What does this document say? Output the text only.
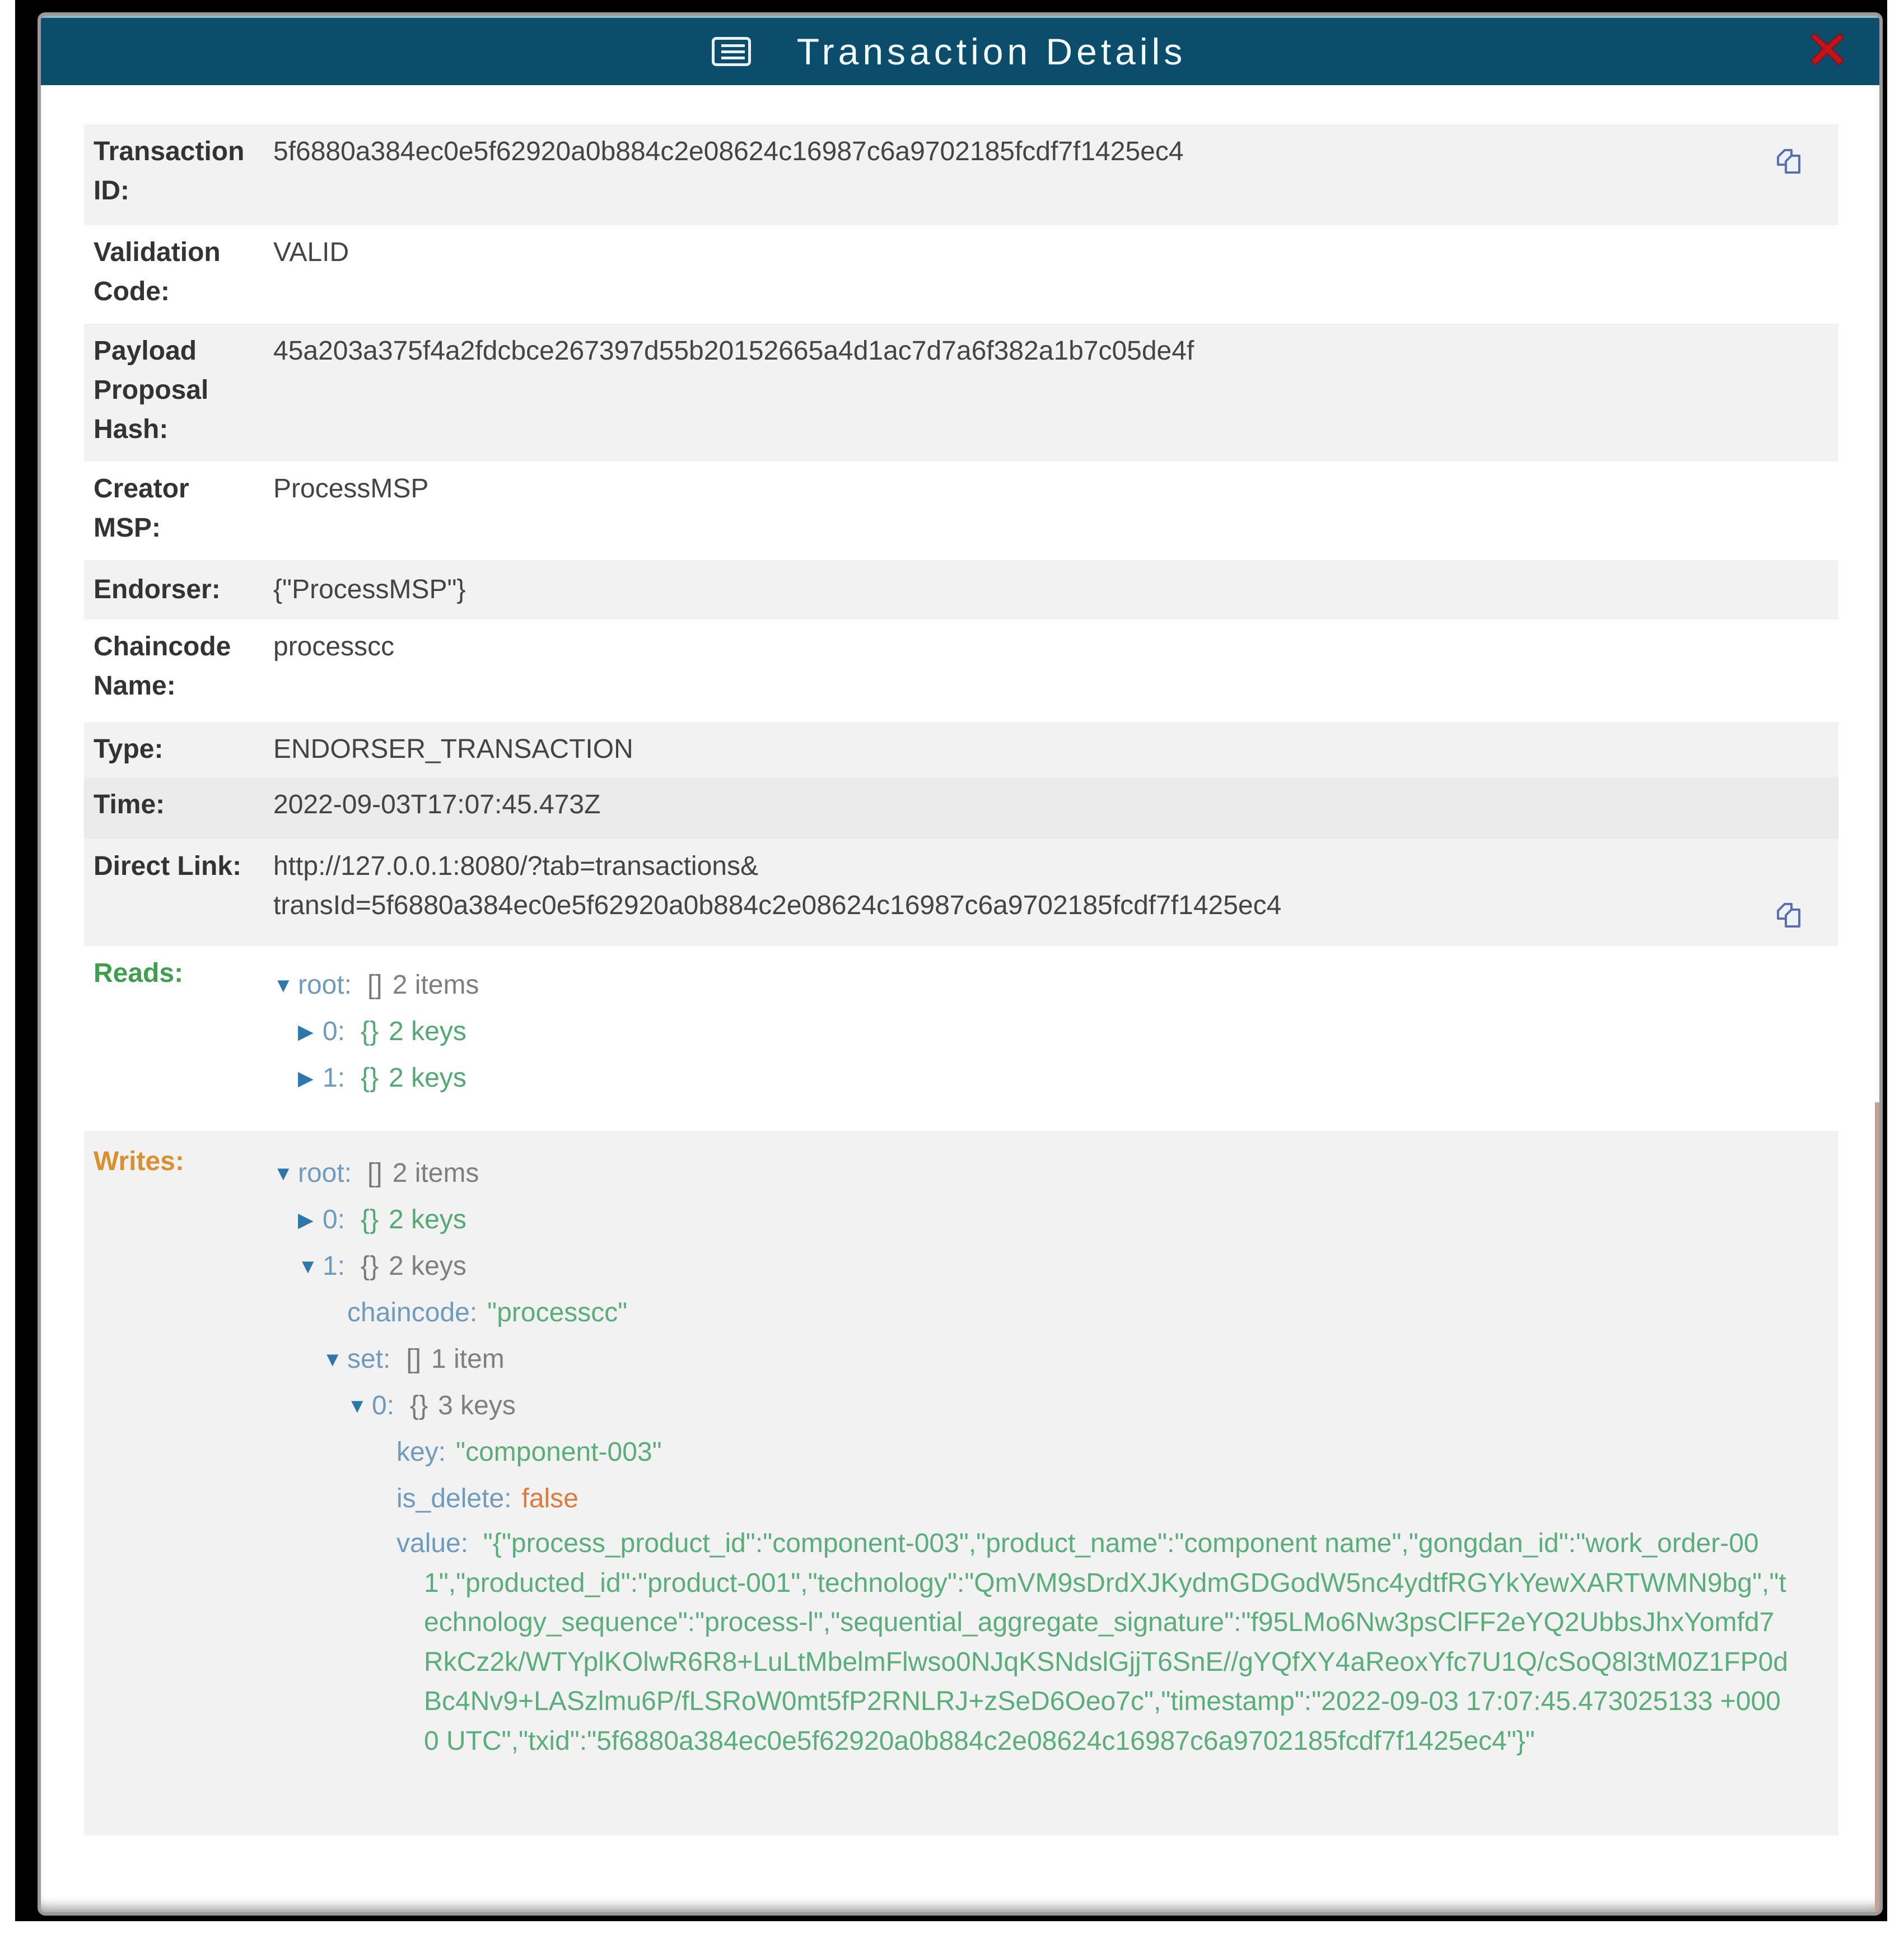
Transaction Details
Transaction ID:
5f6880a384ec0e5f62920a0b884c2e08624c16987c6a9702185fcdf7f1425ec4
Validation Code:
VALID
Payload Proposal Hash:
45a203a375f4a2fdcbce267397d55b20152665a4d1ac7d7a6f382a1b7c05de4f
Creator MSP:
ProcessMSP
Endorser:	{"ProcessMSP"}
Chaincode Name:
processcc
Type:	ENDORSER_TRANSACTION
Time:	2022-09-03T17:07:45.473Z
Direct Link:	http://127.0.0.1:8080/?tab=transactions&
transId=5f6880a384ec0e5f62920a0b884c2e08624c16987c6a9702185fcdf7f1425ec4
Reads:	▼ root: [] 2 items
▶ 0: {} 2 keys
▶ 1: {} 2 keys
Writes:	▼ root: [] 2 items
▶ 0: {} 2 keys
▼ 1: {} 2 keys
chaincode: "processcc"
▼ set: [] 1 item
▼ 0: {} 3 keys
key: "component-003"
is_delete: false
value: "{"process_product_id":"component-003","product_name":"component name","gongdan_id":"work_order-001","producted_id":"product-001","technology":"QmVM9sDrdXJKydmGDGodW5nc4ydtfRGYkYewXARTWMN9bg","technology_sequence":"process-l","sequential_aggregate_signature":"f95LMo6Nw3psClFF2eYQ2UbbsJhxYomfd7RkCz2k/WTYplKOlwR6R8+LuLtMbelmFlwso0NJqKSNdslGjjT6SnE//gYQfXY4aReoxYfc7U1Q/cSoQ8l3tM0Z1FP0dBc4Nv9+LASzlmu6P/fLSRoW0mt5fP2RNLRJ+zSeD6Oeo7c","timestamp":"2022-09-03 17:07:45.473025133 +0000 UTC","txid":"5f6880a384ec0e5f62920a0b884c2e08624c16987c6a9702185fcdf7f1425ec4"}"
